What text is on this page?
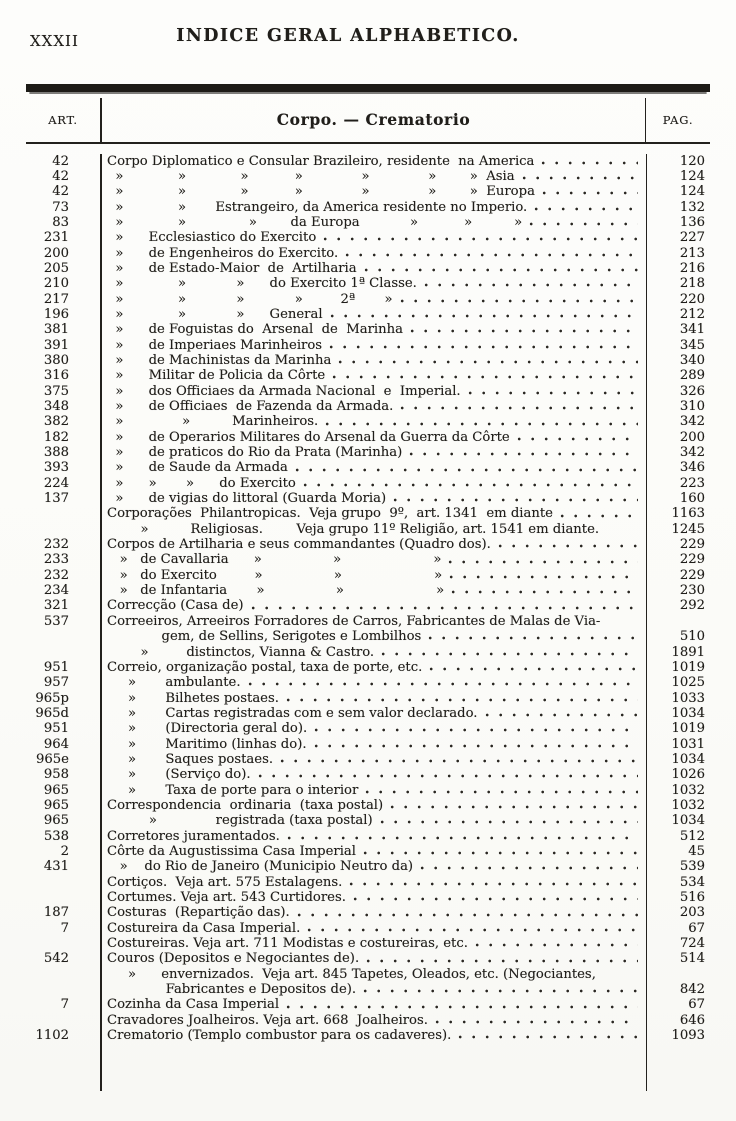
XXXII	INDICE GERAL ALPHABETICO.
ART.	Corpo. — Crematorio	PAG.
42	Corpo Diplomatico e Consular Brazileiro, residente  na America	120
42	»             »             »           »              »              »        »  Asia	124
42	»             »             »           »              »              »        »  Europa	124
73	»             »       Estrangeiro, da America residente no Imperio.	132
83	»             »               »        da Europa            »           »          »	136
231	»      Ecclesiastico do Exercito	227
200	»      de Engenheiros do Exercito.	213
205	»      de Estado-Maior  de  Artilharia	216
210	»             »            »      do Exercito 1ª Classe.	218
217	»             »            »            »         2ª       »	220
196	»             »            »      General	212
381	»      de Foguistas do  Arsenal  de  Marinha	341
391	»      de Imperiaes Marinheiros	345
380	»      de Machinistas da Marinha	340
316	»      Militar de Policia da Côrte	289
375	»      dos Officiaes da Armada Nacional  e  Imperial.	326
348	»      de Officiaes  de Fazenda da Armada.	310
382	»              »          Marinheiros.	342
182	»      de Operarios Militares do Arsenal da Guerra da Côrte	200
388	»      de praticos do Rio da Prata (Marinha)	342
393	»      de Saude da Armada	346
224	»      »       »      do Exercito	223
137	»      de vigias do littoral (Guarda Moria)	160
Corporações  Philantropicas.  Veja grupo  9º,  art. 1341  em diante	1163
»          Religiosas.        Veja grupo 11º Religião, art. 1541 em diante.	1245
232	Corpos de Artilharia e seus commandantes (Quadro dos).	229
233	»   de Cavallaria      »                 »                      »	229
232	»   do Exercito         »                 »                      »	229
234	»   de Infantaria       »                 »                      »	230
321	Correcção (Casa de)	292
537	Correeiros, Arreeiros Forradores de Carros, Fabricantes de Malas de Via-
gem, de Sellins, Serigotes e Lombilhos	510
»         distinctos, Vianna & Castro.	1891
951	Correio, organização postal, taxa de porte, etc.	1019
957	»       ambulante.	1025
965p	»       Bilhetes postaes.	1033
965d	»       Cartas registradas com e sem valor declarado.	1034
951	»       (Directoria geral do).	1019
964	»       Maritimo (linhas do).	1031
965e	»       Saques postaes.	1034
958	»       (Serviço do).	1026
965	»       Taxa de porte para o interior	1032
965	Correspondencia  ordinaria  (taxa postal)	1032
965	»              registrada (taxa postal)	1034
538	Corretores juramentados.	512
2	Côrte da Augustissima Casa Imperial	45
431	»    do Rio de Janeiro (Municipio Neutro da)	539
Cortiços.  Veja art. 575 Estalagens.	534
Cortumes. Veja art. 543 Curtidores.	516
187	Costuras  (Repartição das).	203
7	Costureira da Casa Imperial.	67
Costureiras. Veja art. 711 Modistas e costureiras, etc.	724
542	Couros (Depositos e Negociantes de).	514
»      envernizados.  Veja art. 845 Tapetes, Oleados, etc. (Negociantes,
Fabricantes e Depositos de).	842
7	Cozinha da Casa Imperial	67
Cravadores Joalheiros. Veja art. 668  Joalheiros.	646
1102	Crematorio (Templo combustor para os cadaveres).	1093
